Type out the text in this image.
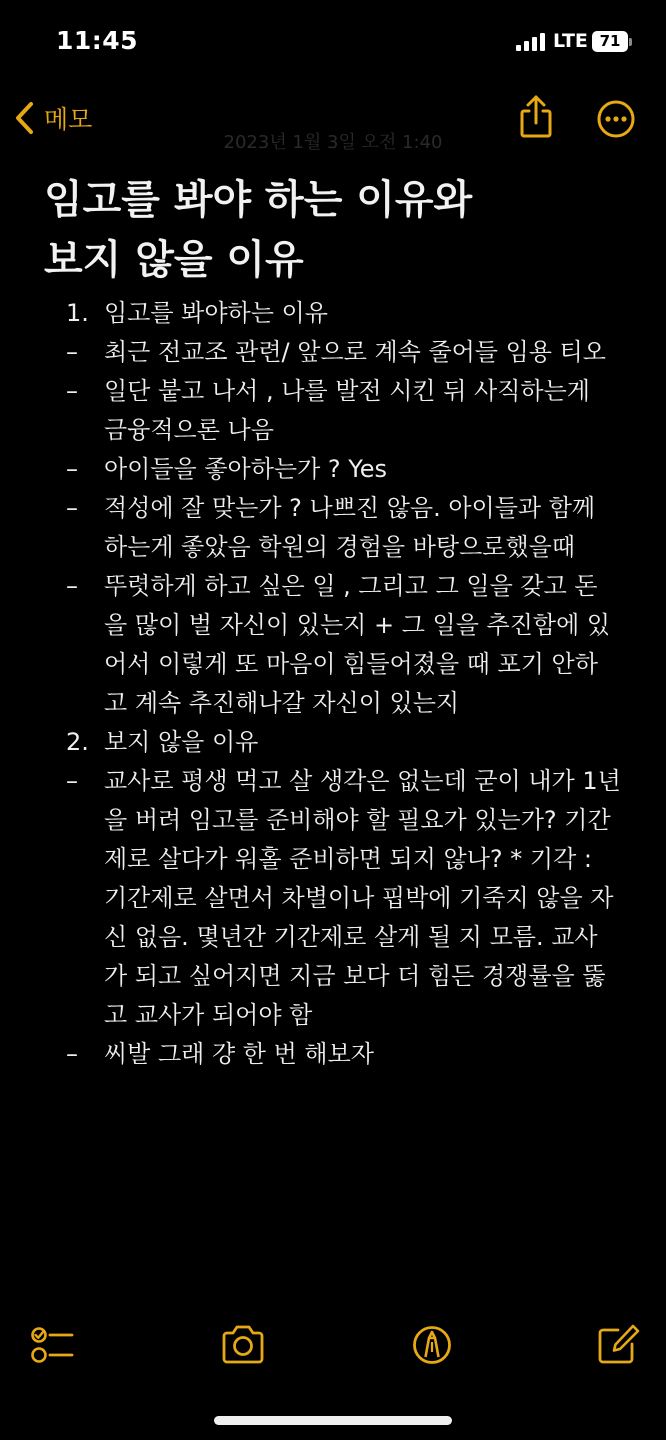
11:45	LTE 71
메모
2023년 1월 3일 오전 1:40
임고를 봐야 하는 이유와
보지 않을 이유
1. 임고를 봐야하는 이유
– 최근 전교조 관련/ 앞으로 계속 줄어들 임용 티오
– 일단 붙고 나서 , 나를 발전 시킨 뒤 사직하는게
금융적으론 나음
– 아이들을 좋아하는가 ? Yes
– 적성에 잘 맞는가 ? 나쁘진 않음. 아이들과 함께
하는게 좋았음 학원의 경험을 바탕으로했을때
– 뚜렷하게 하고 싶은 일 , 그리고 그 일을 갖고 돈
을 많이 벌 자신이 있는지 + 그 일을 추진함에 있
어서 이렇게 또 마음이 힘들어졌을 때 포기 안하
고 계속 추진해나갈 자신이 있는지
2. 보지 않을 이유
– 교사로 평생 먹고 살 생각은 없는데 굳이 내가 1년
을 버려 임고를 준비해야 할 필요가 있는가? 기간
제로 살다가 워홀 준비하면 되지 않나? * 기각 :
기간제로 살면서 차별이나 핍박에 기죽지 않을 자
신 없음. 몇년간 기간제로 살게 될 지 모름. 교사
가 되고 싶어지면 지금 보다 더 힘든 경쟁률을 뚫
고 교사가 되어야 함
– 씨발 그래 걍 한 번 해보자
